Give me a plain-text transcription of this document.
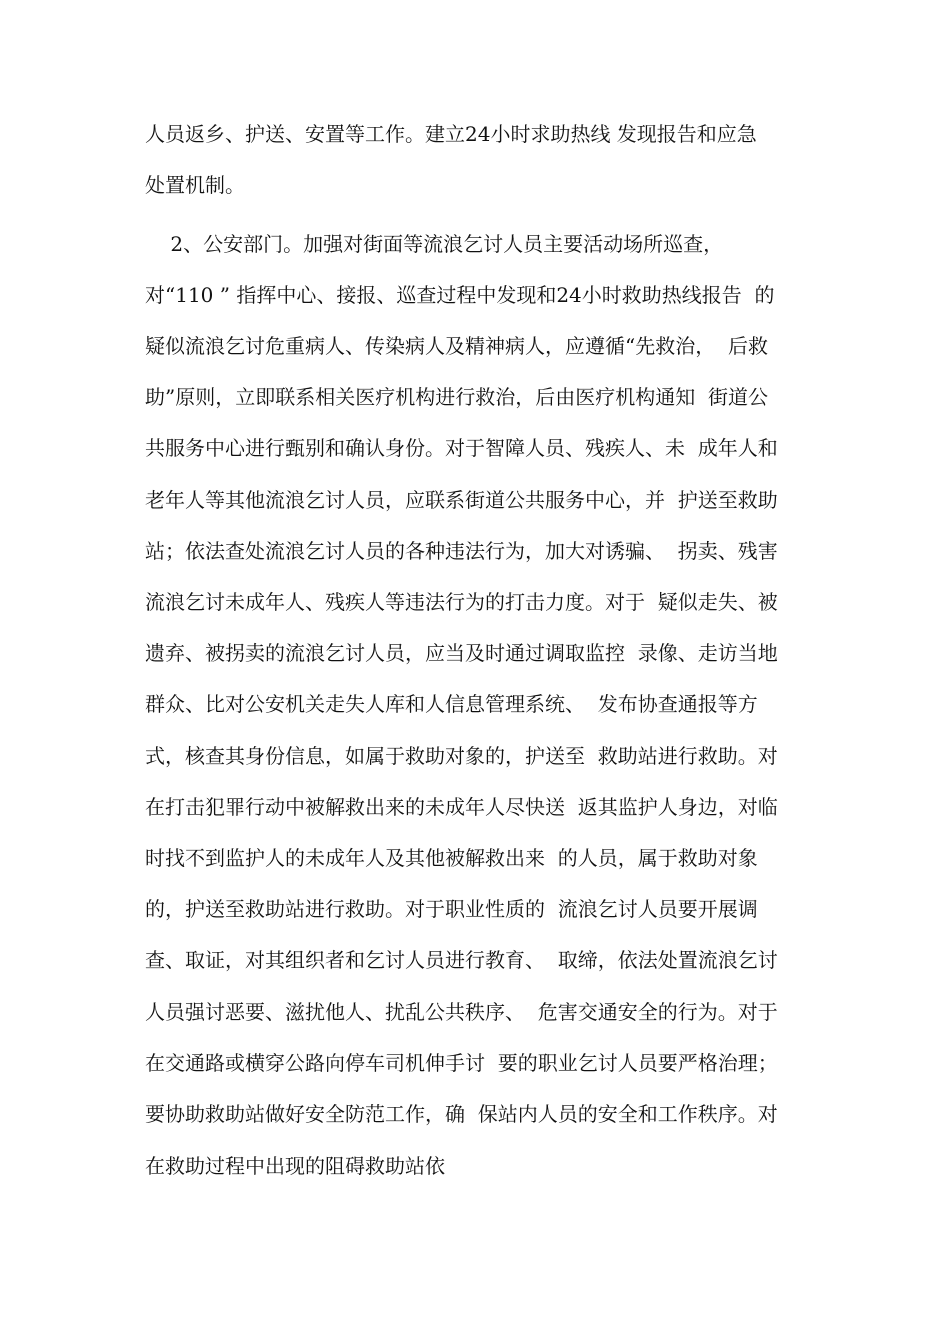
人员返乡、护送、安置等工作。建立24小时求助热线 发现报告和应急
处置机制。
2、公安部门。加强对街面等流浪乞讨人员主要活动场所巡查，
对“110 ” 指挥中心、接报、巡查过程中发现和24小时救助热线报告  的
疑似流浪乞讨危重病人、传染病人及精神病人，应遵循“先救治，  后救
助”原则，立即联系相关医疗机构进行救治，后由医疗机构通知  街道公
共服务中心进行甄别和确认身份。对于智障人员、残疾人、未  成年人和
老年人等其他流浪乞讨人员，应联系街道公共服务中心，并  护送至救助
站；依法查处流浪乞讨人员的各种违法行为，加大对诱骗、  拐卖、残害
流浪乞讨未成年人、残疾人等违法行为的打击力度。对于  疑似走失、被
遗弃、被拐卖的流浪乞讨人员，应当及时通过调取监控  录像、走访当地
群众、比对公安机关走失人库和人信息管理系统、  发布协查通报等方
式，核查其身份信息，如属于救助对象的，护送至  救助站进行救助。对
在打击犯罪行动中被解救出来的未成年人尽快送  返其监护人身边，对临
时找不到监护人的未成年人及其他被解救出来  的人员，属于救助对象
的，护送至救助站进行救助。对于职业性质的  流浪乞讨人员要开展调
查、取证，对其组织者和乞讨人员进行教育、  取缔，依法处置流浪乞讨
人员强讨恶要、滋扰他人、扰乱公共秩序、  危害交通安全的行为。对于
在交通路或横穿公路向停车司机伸手讨  要的职业乞讨人员要严格治理；
要协助救助站做好安全防范工作，确  保站内人员的安全和工作秩序。对
在救助过程中出现的阻碍救助站依
